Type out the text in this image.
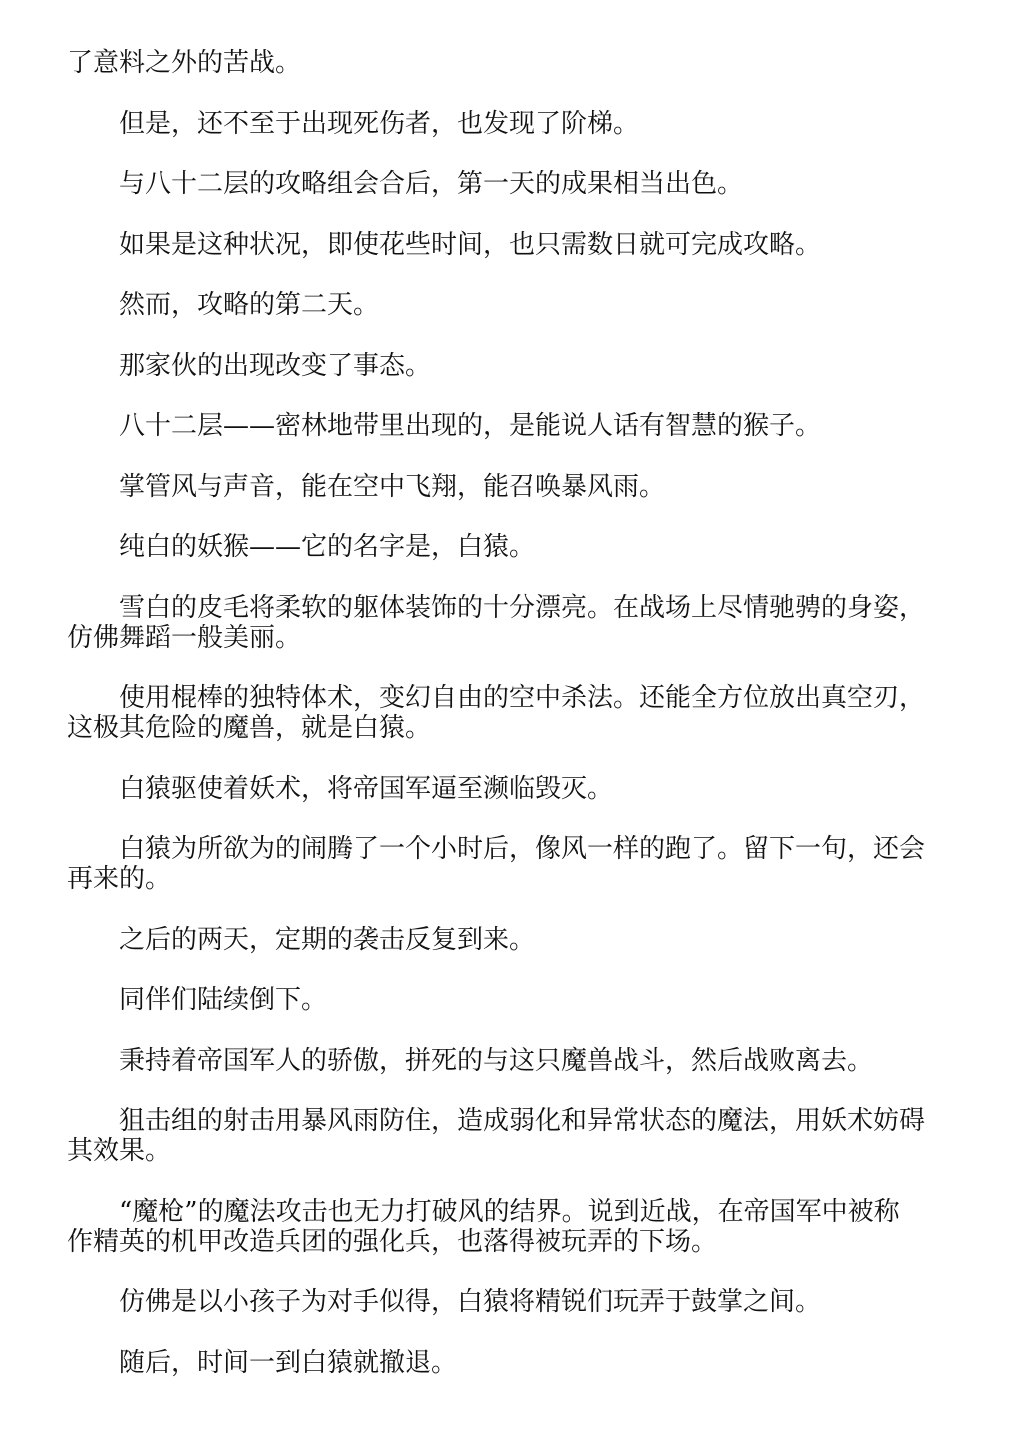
了意料之外的苦战。

但是，还不至于出现死伤者，也发现了阶梯。

与八十二层的攻略组会合后，第一天的成果相当出色。

如果是这种状况，即使花些时间，也只需数日就可完成攻略。

然而，攻略的第二天。

那家伙的出现改变了事态。

八十二层——密林地带里出现的，是能说人话有智慧的猴子。

掌管风与声音，能在空中飞翔，能召唤暴风雨。

纯白的妖猴——它的名字是，白猿。

雪白的皮毛将柔软的躯体装饰的十分漂亮。在战场上尽情驰骋的身姿，
仿佛舞蹈一般美丽。

使用棍棒的独特体术，变幻自由的空中杀法。还能全方位放出真空刃，
这极其危险的魔兽，就是白猿。

白猿驱使着妖术，将帝国军逼至濒临毁灭。

白猿为所欲为的闹腾了一个小时后，像风一样的跑了。留下一句，还会
再来的。

之后的两天，定期的袭击反复到来。

同伴们陆续倒下。

秉持着帝国军人的骄傲，拼死的与这只魔兽战斗，然后战败离去。

狙击组的射击用暴风雨防住，造成弱化和异常状态的魔法，用妖术妨碍
其效果。

“魔枪”的魔法攻击也无力打破风的结界。说到近战，在帝国军中被称
作精英的机甲改造兵团的强化兵，也落得被玩弄的下场。

仿佛是以小孩子为对手似得，白猿将精锐们玩弄于鼓掌之间。

随后，时间一到白猿就撤退。
